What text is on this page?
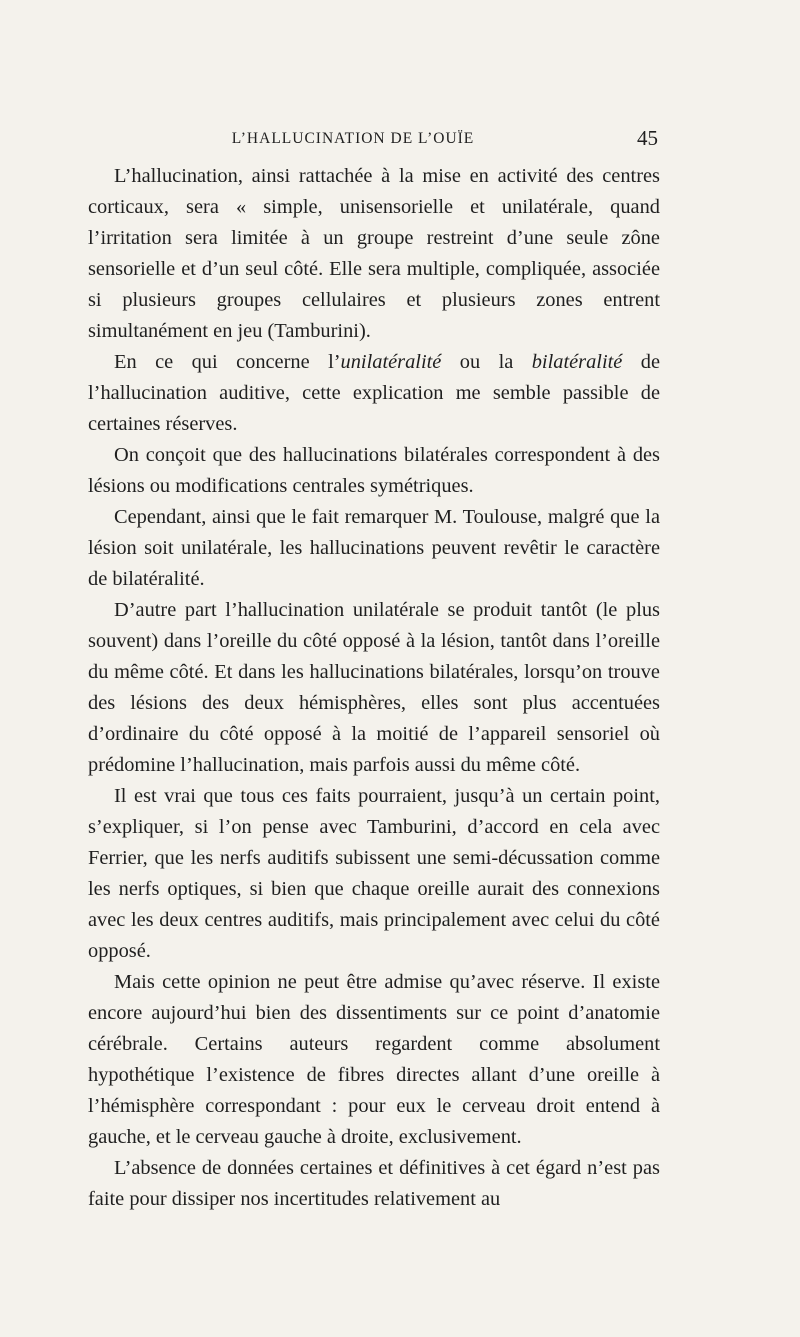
L’HALLUCINATION DE L’OUÏE	45

L’hallucination, ainsi rattachée à la mise en activité des centres corticaux, sera « simple, unisensorielle et unilatérale, quand l’irritation sera limitée à un groupe restreint d’une seule zône sensorielle et d’un seul côté. Elle sera multiple, compliquée, associée si plusieurs groupes cellulaires et plusieurs zones entrent simultanément en jeu (Tamburini).

En ce qui concerne l’unilatéralité ou la bilatéralité de l’hallucination auditive, cette explication me semble passible de certaines réserves.

On conçoit que des hallucinations bilatérales correspondent à des lésions ou modifications centrales symétriques.

Cependant, ainsi que le fait remarquer M. Toulouse, malgré que la lésion soit unilatérale, les hallucinations peuvent revêtir le caractère de bilatéralité.

D’autre part l’hallucination unilatérale se produit tantôt (le plus souvent) dans l’oreille du côté opposé à la lésion, tantôt dans l’oreille du même côté. Et dans les hallucinations bilatérales, lorsqu’on trouve des lésions des deux hémisphères, elles sont plus accentuées d’ordinaire du côté opposé à la moitié de l’appareil sensoriel où prédomine l’hallucination, mais parfois aussi du même côté.

Il est vrai que tous ces faits pourraient, jusqu’à un certain point, s’expliquer, si l’on pense avec Tamburini, d’accord en cela avec Ferrier, que les nerfs auditifs subissent une semi-décussation comme les nerfs optiques, si bien que chaque oreille aurait des connexions avec les deux centres auditifs, mais principalement avec celui du côté opposé.

Mais cette opinion ne peut être admise qu’avec réserve. Il existe encore aujourd’hui bien des dissentiments sur ce point d’anatomie cérébrale. Certains auteurs regardent comme absolument hypothétique l’existence de fibres directes allant d’une oreille à l’hémisphère correspondant : pour eux le cerveau droit entend à gauche, et le cerveau gauche à droite, exclusivement.

L’absence de données certaines et définitives à cet égard n’est pas faite pour dissiper nos incertitudes relativement au
